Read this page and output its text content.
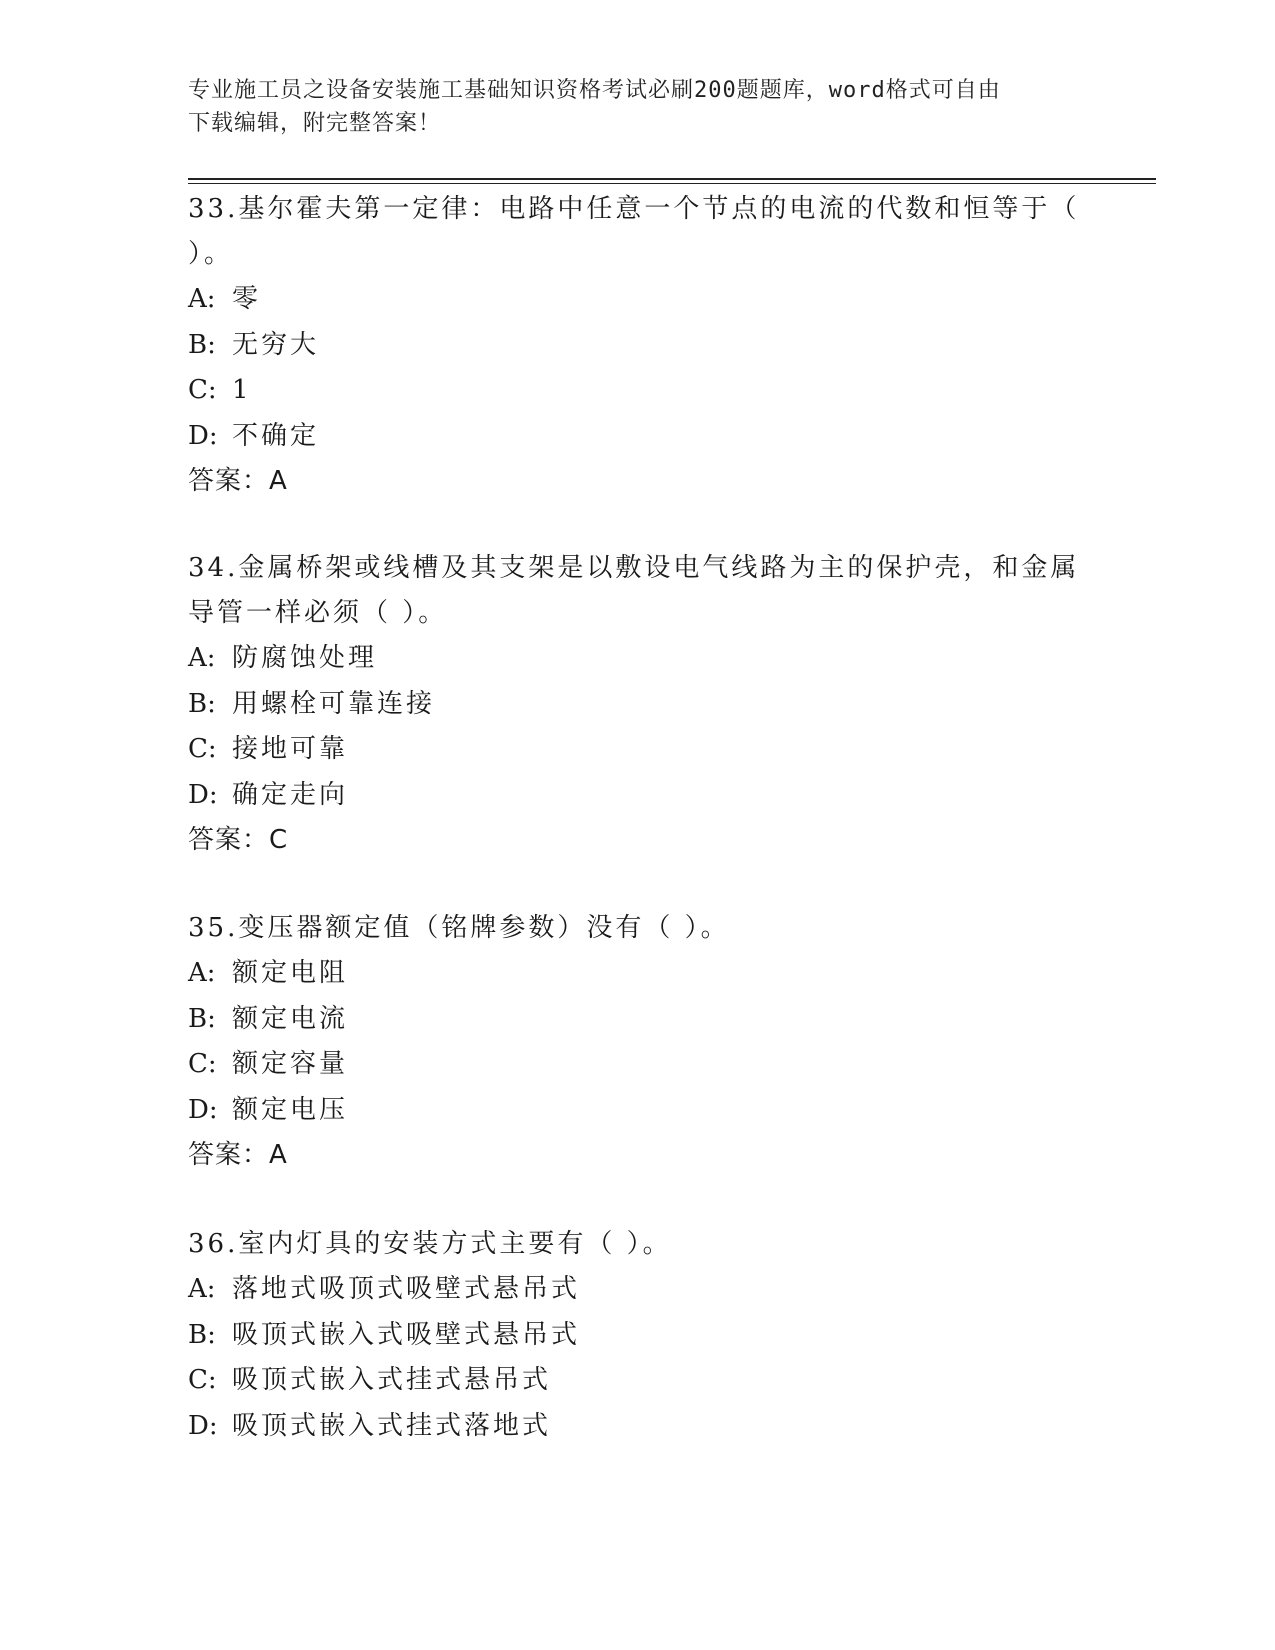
专业施工员之设备安装施工基础知识资格考试必刷200题题库，word格式可自由
下载编辑，附完整答案！

33.基尔霍夫第一定律：电路中任意一个节点的电流的代数和恒等于（

）。

A: 零

B: 无穷大

C: 1

D: 不确定

答案：A

34.金属桥架或线槽及其支架是以敷设电气线路为主的保护壳，和金属

导管一样必须（ ）。

A: 防腐蚀处理

B: 用螺栓可靠连接

C: 接地可靠

D: 确定走向

答案：C

35.变压器额定值（铭牌参数）没有（ ）。

A: 额定电阻

B: 额定电流

C: 额定容量

D: 额定电压

答案：A

36.室内灯具的安装方式主要有（ ）。

A: 落地式吸顶式吸壁式悬吊式

B: 吸顶式嵌入式吸壁式悬吊式

C: 吸顶式嵌入式挂式悬吊式

D: 吸顶式嵌入式挂式落地式
